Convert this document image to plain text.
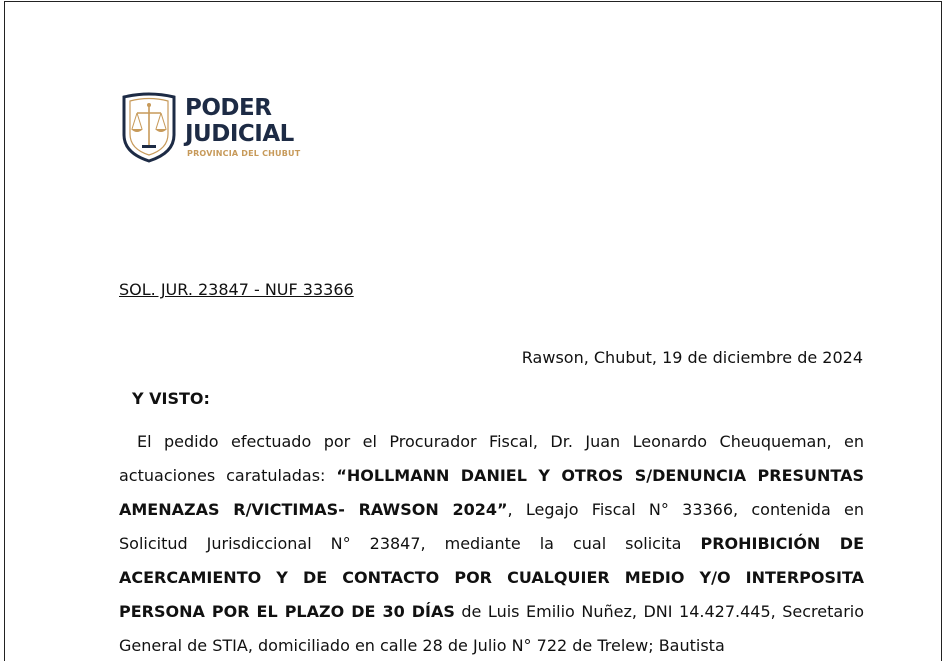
PODER
JUDICIAL
PROVINCIA DEL CHUBUT
SOL. JUR. 23847 - NUF 33366
Rawson, Chubut, 19 de diciembre de 2024
Y VISTO:
El pedido efectuado por el Procurador Fiscal, Dr. Juan Leonardo Cheuqueman, en actuaciones caratuladas: “HOLLMANN DANIEL Y OTROS S/DENUNCIA PRESUNTAS AMENAZAS R/VICTIMAS- RAWSON 2024”, Legajo Fiscal N° 33366, contenida en Solicitud Jurisdiccional N° 23847, mediante la cual solicita PROHIBICIÓN DE ACERCAMIENTO Y DE CONTACTO POR CUALQUIER MEDIO Y/O INTERPOSITA PERSONA POR EL PLAZO DE 30 DÍAS de Luis Emilio Nuñez, DNI 14.427.445, Secretario General de STIA, domiciliado en calle 28 de Julio N° 722 de Trelew; Bautista
